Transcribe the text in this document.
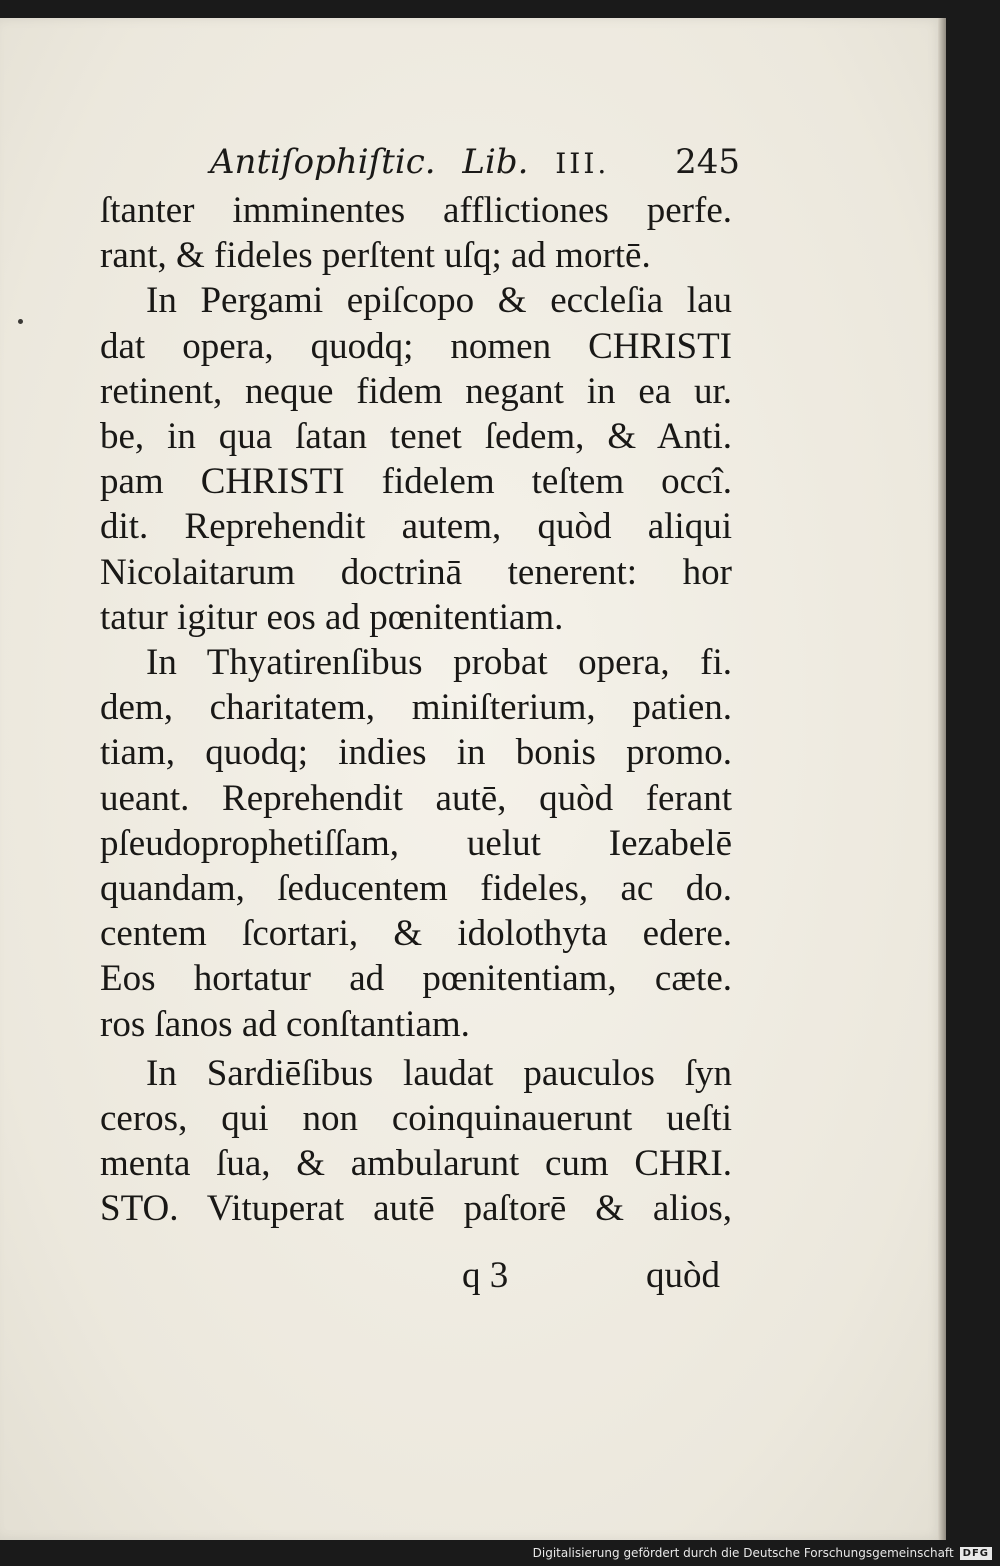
Antiſophiſtic. Lib. III. 245
ſtanter imminentes afflictiones perfe.
rant, & fideles perſtent uſq; ad mortē.
In Pergami epiſcopo & eccleſia lau
dat opera, quodq; nomen CHRISTI
retinent, neque fidem negant in ea ur.
be, in qua ſatan tenet ſedem, & Anti.
pam CHRISTI fidelem teſtem occî.
dit. Reprehendit autem, quòd aliqui
Nicolaitarum doctrinā tenerent: hor
tatur igitur eos ad pœnitentiam.
In Thyatirenſibus probat opera, fi.
dem, charitatem, miniſterium, patien.
tiam, quodq; indies in bonis promo.
ueant. Reprehendit autē, quòd ferant
pſeudoprophetiſſam, uelut Iezabelē
quandam, ſeducentem fideles, ac do.
centem ſcortari, & idolothyta edere.
Eos hortatur ad pœnitentiam, cæte.
ros ſanos ad conſtantiam.
In Sardiēſibus laudat pauculos ſyn
ceros, qui non coinquinauerunt ueſti
menta ſua, & ambularunt cum CHRI.
STO. Vituperat autē paſtorē & alios,
q 3	quòd
Digitalisierung gefördert durch die Deutsche Forschungsgemeinschaft DFG
